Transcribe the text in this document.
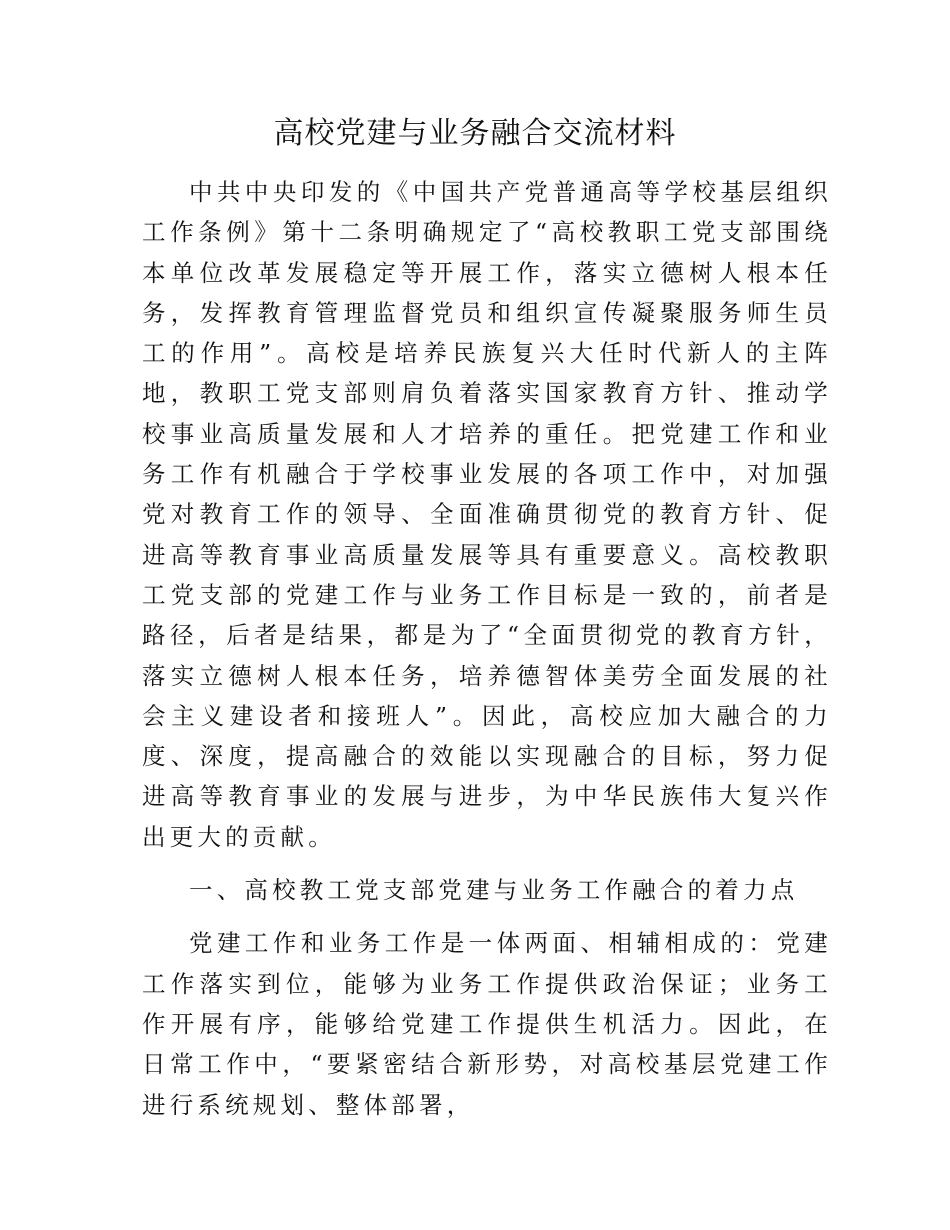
高校党建与业务融合交流材料

中共中央印发的《中国共产党普通高等学校基层组织工作条例》第十二条明确规定了“高校教职工党支部围绕本单位改革发展稳定等开展工作，落实立德树人根本任务，发挥教育管理监督党员和组织宣传凝聚服务师生员工的作用”。高校是培养民族复兴大任时代新人的主阵地，教职工党支部则肩负着落实国家教育方针、推动学校事业高质量发展和人才培养的重任。把党建工作和业务工作有机融合于学校事业发展的各项工作中，对加强党对教育工作的领导、全面准确贯彻党的教育方针、促进高等教育事业高质量发展等具有重要意义。高校教职工党支部的党建工作与业务工作目标是一致的，前者是路径，后者是结果，都是为了“全面贯彻党的教育方针，落实立德树人根本任务，培养德智体美劳全面发展的社会主义建设者和接班人”。因此，高校应加大融合的力度、深度，提高融合的效能以实现融合的目标，努力促进高等教育事业的发展与进步，为中华民族伟大复兴作出更大的贡献。

一、高校教工党支部党建与业务工作融合的着力点

党建工作和业务工作是一体两面、相辅相成的：党建工作落实到位，能够为业务工作提供政治保证；业务工作开展有序，能够给党建工作提供生机活力。因此，在日常工作中，“要紧密结合新形势，对高校基层党建工作进行系统规划、整体部署，
